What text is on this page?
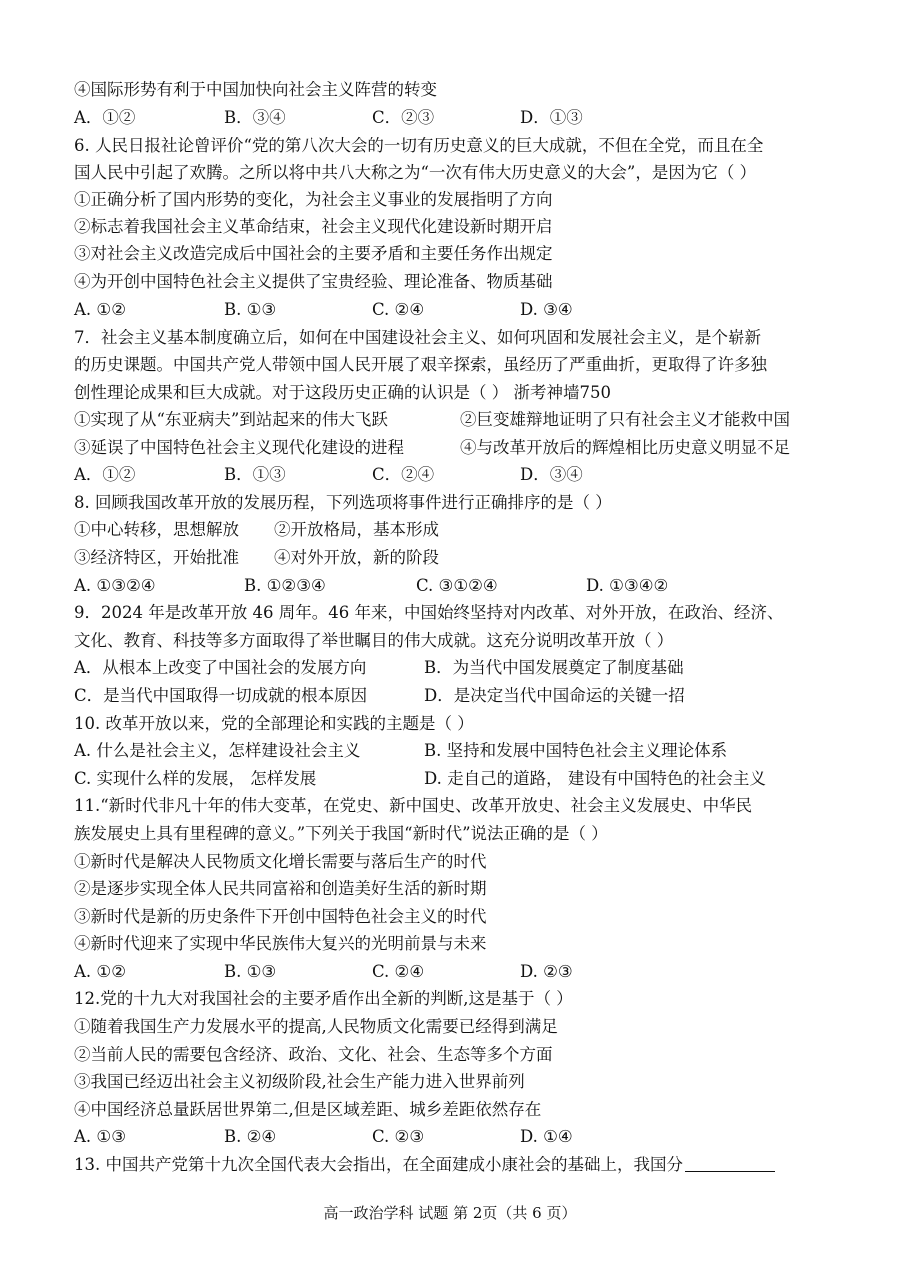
④国际形势有利于中国加快向社会主义阵营的转变
A．①②	B．③④	C．②③	D．①③
6. 人民日报社论曾评价“党的第八次大会的一切有历史意义的巨大成就，不但在全党，而且在全
国人民中引起了欢腾。之所以将中共八大称之为“一次有伟大历史意义的大会”，是因为它（ ）
①正确分析了国内形势的变化，为社会主义事业的发展指明了方向
②标志着我国社会主义革命结束，社会主义现代化建设新时期开启
③对社会主义改造完成后中国社会的主要矛盾和主要任务作出规定
④为开创中国特色社会主义提供了宝贵经验、理论准备、物质基础
A. ①②	B. ①③	C. ②④	D. ③④
7．社会主义基本制度确立后，如何在中国建设社会主义、如何巩固和发展社会主义，是个崭新
的历史课题。中国共产党人带领中国人民开展了艰辛探索，虽经历了严重曲折，更取得了许多独
创性理论成果和巨大成就。对于这段历史正确的认识是（ ） 浙考神墙750
①实现了从“东亚病夫”到站起来的伟大飞跃	②巨变雄辩地证明了只有社会主义才能救中国
③延误了中国特色社会主义现代化建设的进程	④与改革开放后的辉煌相比历史意义明显不足
A．①②	B．①③	C．②④	D．③④
8. 回顾我国改革开放的发展历程，下列选项将事件进行正确排序的是（ ）
①中心转移，思想解放	②开放格局，基本形成
③经济特区，开始批准	④对外开放，新的阶段
A. ①③②④	B. ①②③④	C. ③①②④	D. ①③④②
9．2024 年是改革开放 46 周年。46 年来，中国始终坚持对内改革、对外开放，在政治、经济、
文化、教育、科技等多方面取得了举世瞩目的伟大成就。这充分说明改革开放（ ）
A．从根本上改变了中国社会的发展方向	B．为当代中国发展奠定了制度基础
C．是当代中国取得一切成就的根本原因	D．是决定当代中国命运的关键一招
10. 改革开放以来，党的全部理论和实践的主题是（ ）
A. 什么是社会主义，怎样建设社会主义	B. 坚持和发展中国特色社会主义理论体系
C. 实现什么样的发展， 怎样发展	D. 走自己的道路， 建设有中国特色的社会主义
11.“新时代非凡十年的伟大变革，在党史、新中国史、改革开放史、社会主义发展史、中华民
族发展史上具有里程碑的意义。”下列关于我国“新时代”说法正确的是（ ）
①新时代是解决人民物质文化增长需要与落后生产的时代
②是逐步实现全体人民共同富裕和创造美好生活的新时期
③新时代是新的历史条件下开创中国特色社会主义的时代
④新时代迎来了实现中华民族伟大复兴的光明前景与未来
A. ①②	B. ①③	C. ②④	D. ②③
12.党的十九大对我国社会的主要矛盾作出全新的判断,这是基于（ ）
①随着我国生产力发展水平的提高,人民物质文化需要已经得到满足
②当前人民的需要包含经济、政治、文化、社会、生态等多个方面
③我国已经迈出社会主义初级阶段,社会生产能力进入世界前列
④中国经济总量跃居世界第二,但是区域差距、城乡差距依然存在
A. ①③	B. ②④	C. ②③	D. ①④
13. 中国共产党第十九次全国代表大会指出，在全面建成小康社会的基础上，我国分
高一政治学科 试题 第 2页（共 6 页）
